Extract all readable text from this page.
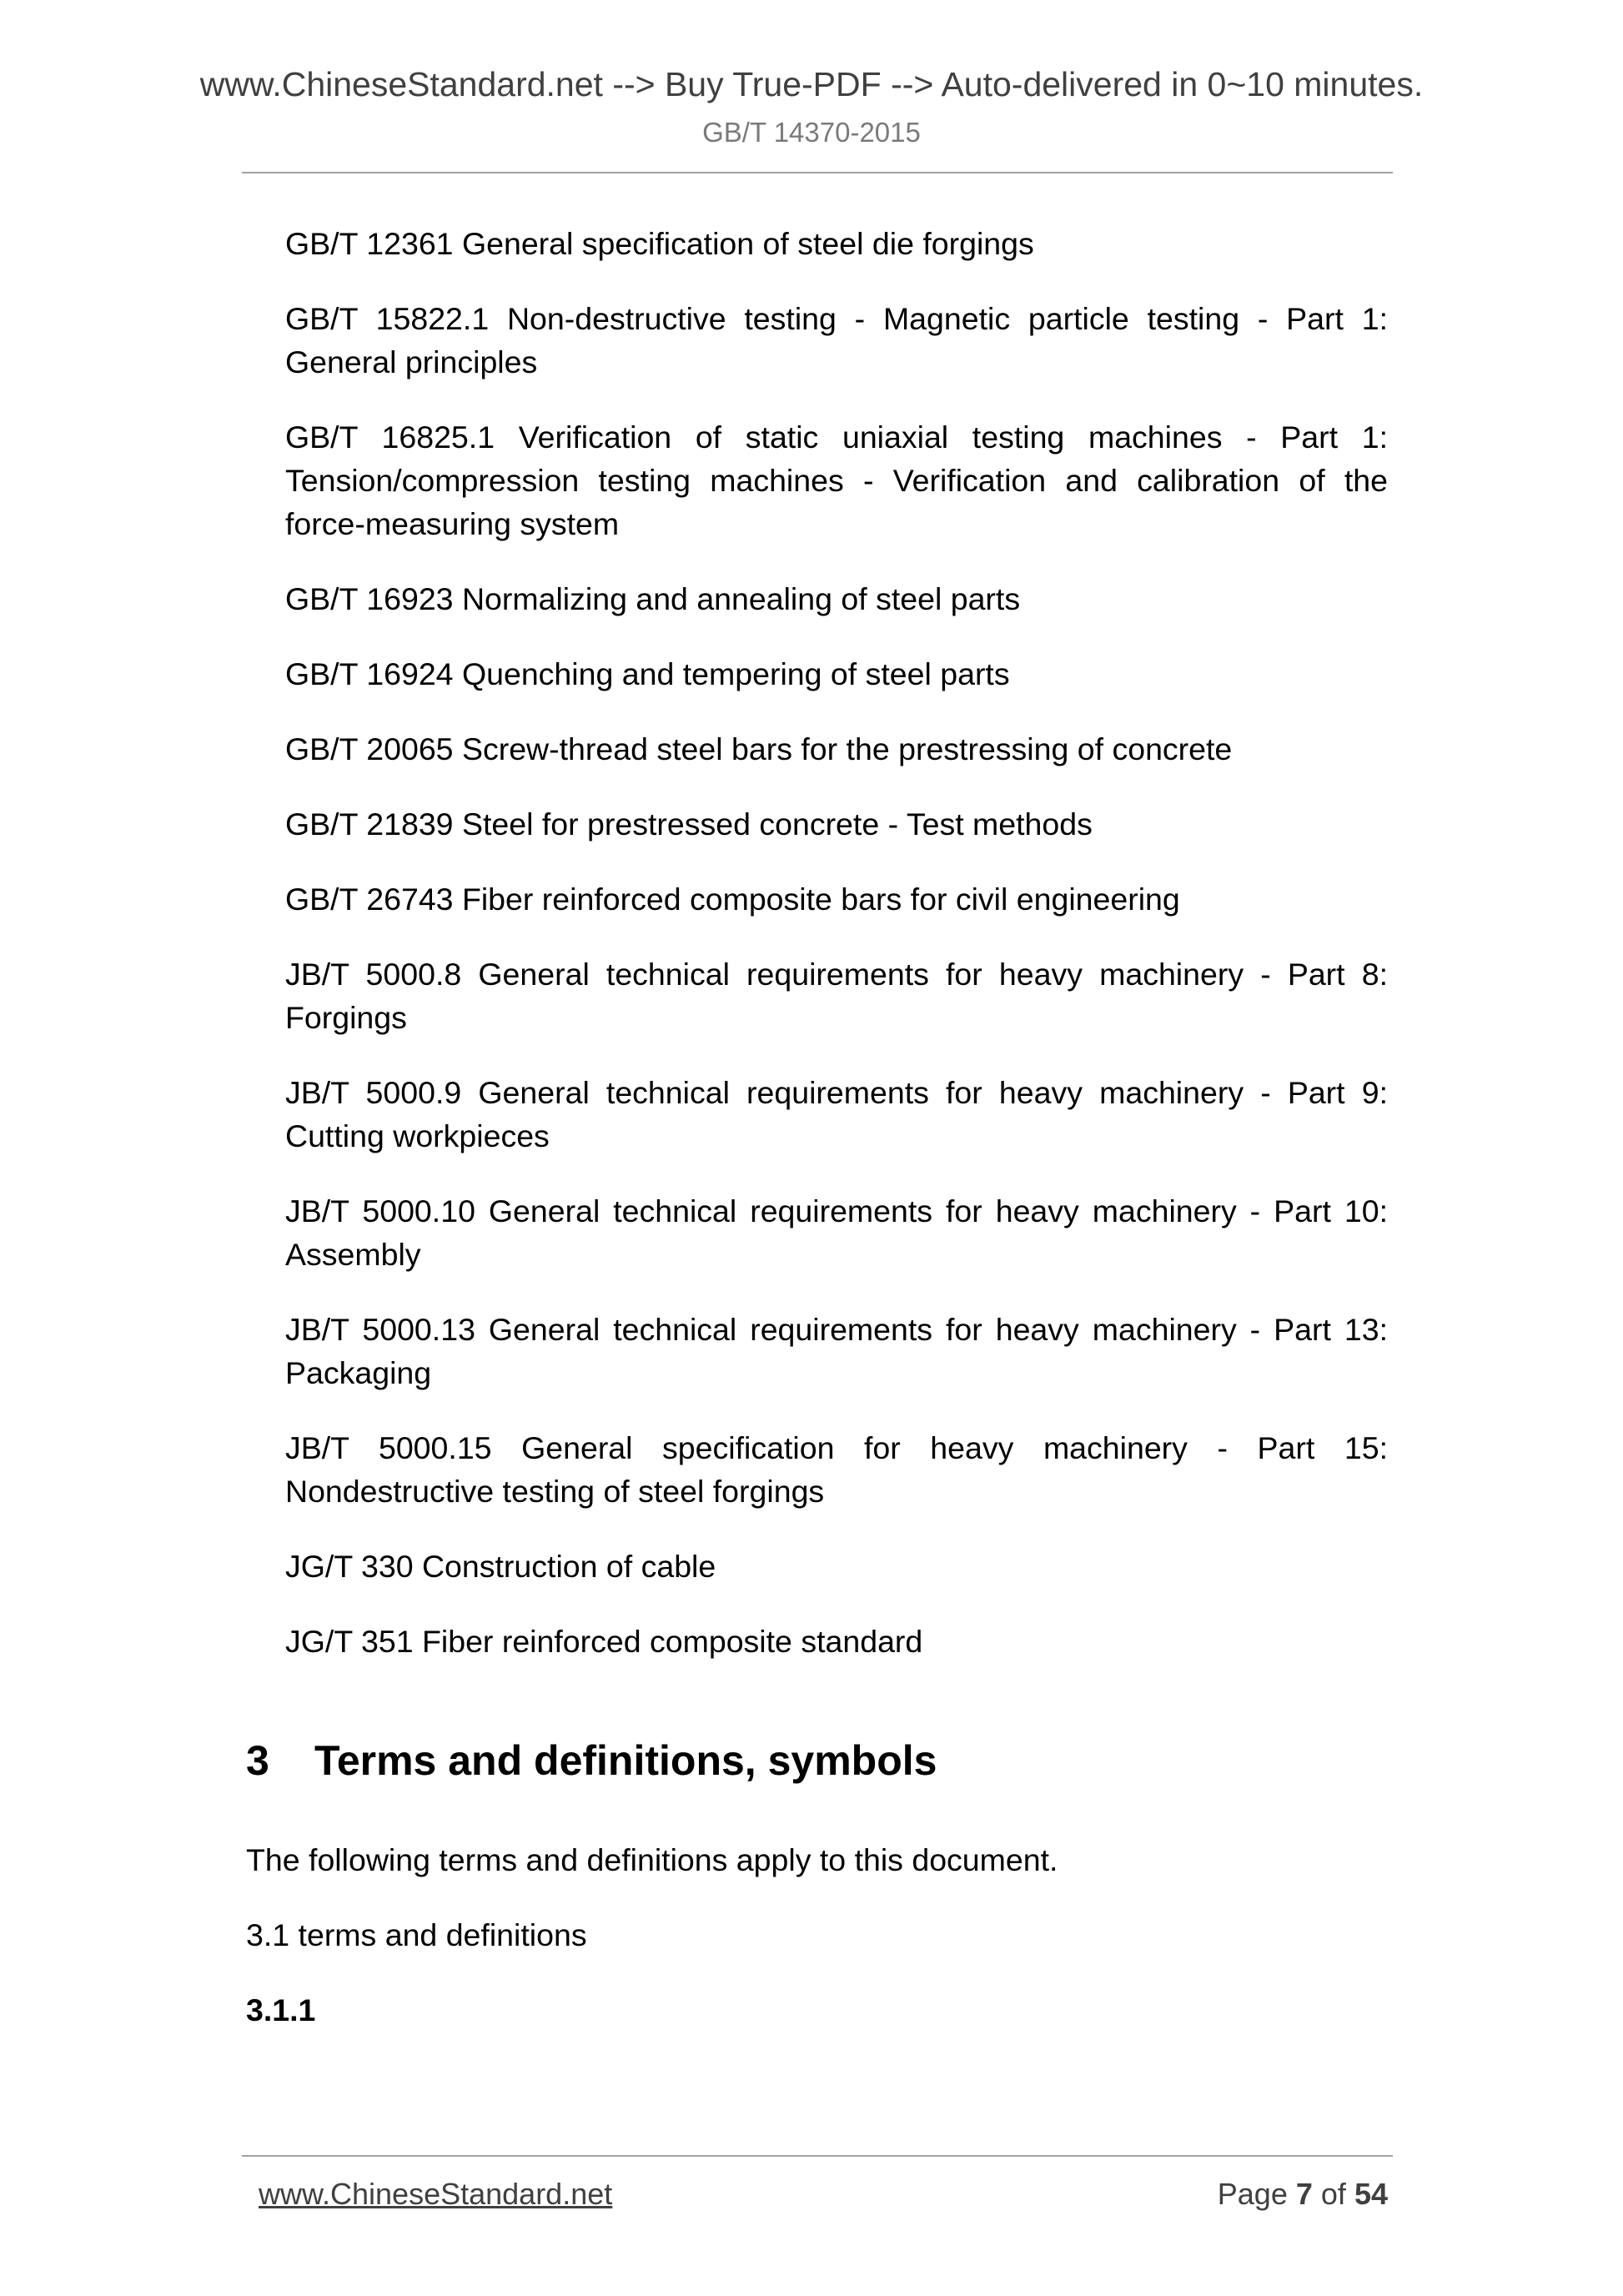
www.ChineseStandard.net --> Buy True-PDF --> Auto-delivered in 0~10 minutes.
GB/T 14370-2015

GB/T 12361 General specification of steel die forgings

GB/T 15822.1 Non-destructive testing - Magnetic particle testing - Part 1: General principles

GB/T 16825.1 Verification of static uniaxial testing machines - Part 1: Tension/compression testing machines - Verification and calibration of the force-measuring system

GB/T 16923 Normalizing and annealing of steel parts

GB/T 16924 Quenching and tempering of steel parts

GB/T 20065 Screw-thread steel bars for the prestressing of concrete

GB/T 21839 Steel for prestressed concrete - Test methods

GB/T 26743 Fiber reinforced composite bars for civil engineering

JB/T 5000.8 General technical requirements for heavy machinery - Part 8: Forgings

JB/T 5000.9 General technical requirements for heavy machinery - Part 9: Cutting workpieces

JB/T 5000.10 General technical requirements for heavy machinery - Part 10: Assembly

JB/T 5000.13 General technical requirements for heavy machinery - Part 13: Packaging

JB/T 5000.15 General specification for heavy machinery - Part 15: Nondestructive testing of steel forgings

JG/T 330 Construction of cable

JG/T 351 Fiber reinforced composite standard

3 Terms and definitions, symbols

The following terms and definitions apply to this document.

3.1 terms and definitions

3.1.1

www.ChineseStandard.net	Page 7 of 54
